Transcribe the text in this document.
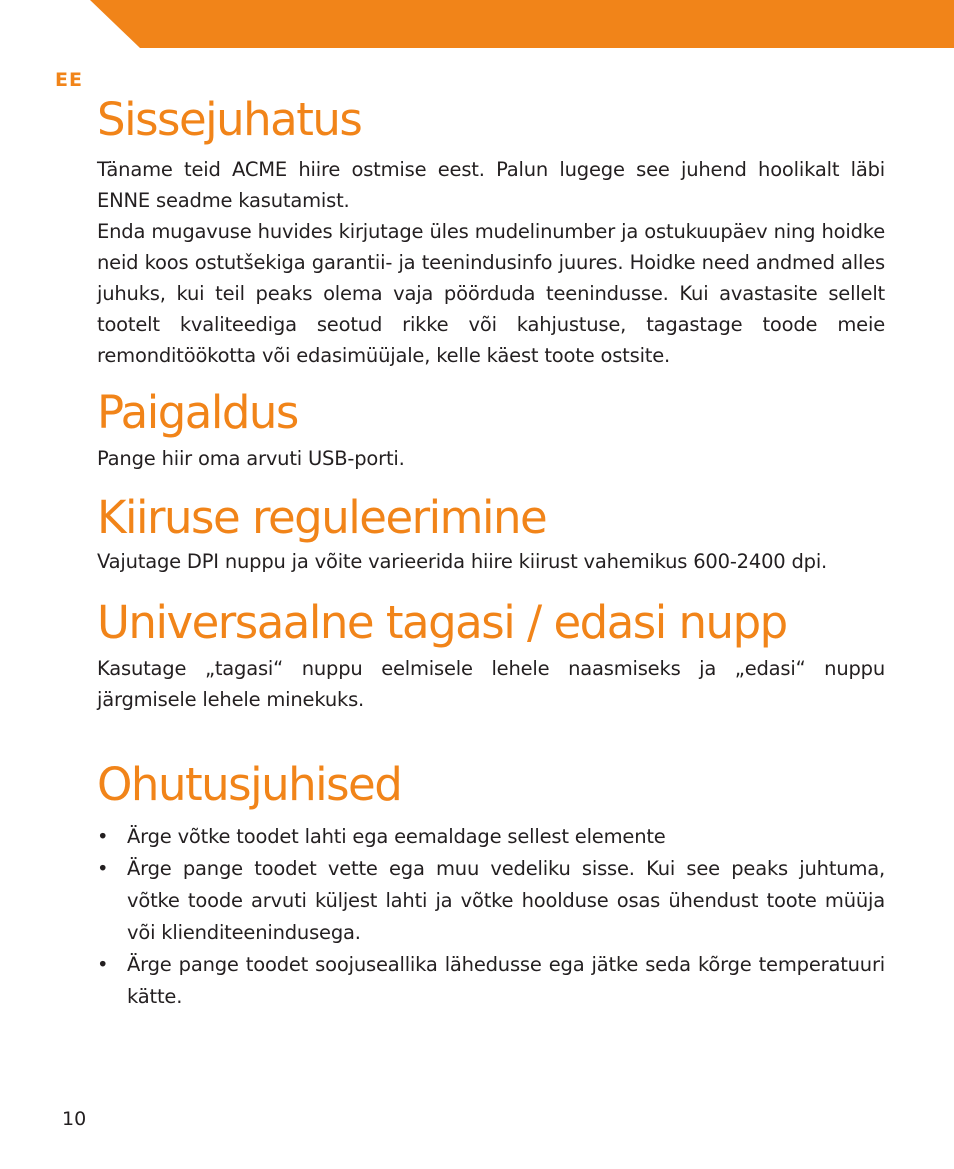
EE
Sissejuhatus

Täname teid ACME hiire ostmise eest. Palun lugege see juhend hoolikalt läbi ENNE seadme kasutamist.

Enda mugavuse huvides kirjutage üles mudelinumber ja ostukuupäev ning hoidke neid koos ostutšekiga garantii- ja teenindusinfo juures. Hoidke need andmed alles juhuks, kui teil peaks olema vaja pöörduda teenindusse. Kui avastasite sellelt tootelt kvaliteediga seotud rikke või kahjustuse, tagastage toode meie remonditöökotta või edasimüüjale, kelle käest toote ostsite.

Paigaldus

Pange hiir oma arvuti USB-porti.

Kiiruse reguleerimine

Vajutage DPI nuppu ja võite varieerida hiire kiirust vahemikus 600-2400 dpi.

Universaalne tagasi / edasi nupp

Kasutage „tagasi“ nuppu eelmisele lehele naasmiseks ja „edasi“ nuppu järgmisele lehele minekuks.

Ohutusjuhised
• Ärge võtke toodet lahti ega eemaldage sellest elemente
• Ärge pange toodet vette ega muu vedeliku sisse. Kui see peaks juhtuma, võtke toode arvuti küljest lahti ja võtke hoolduse osas ühendust toote müüja või klienditeenindusega.
• Ärge pange toodet soojuseallika lähedusse ega jätke seda kõrge temperatuuri kätte.
10
